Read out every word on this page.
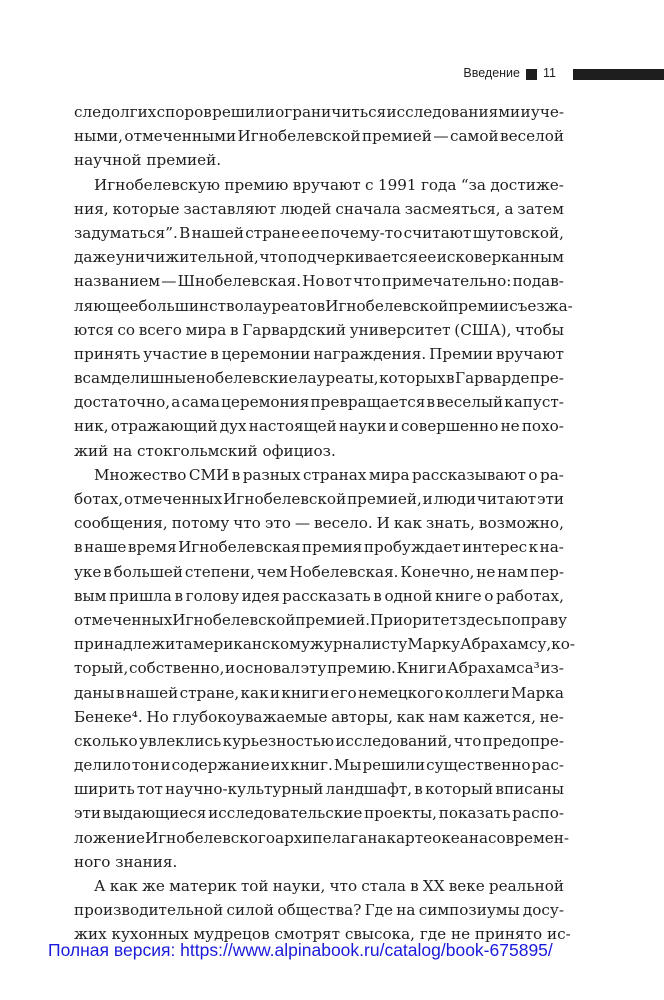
Введение 11
сле долгих споров решили ограничиться исследованиями и уче-
ными, отмеченными Игнобелевской премией — самой веселой
научной премией.
Игнобелевскую премию вручают с 1991 года “за достиже-
ния, которые заставляют людей сначала засмеяться, а затем
задуматься”. В нашей стране ее почему-то считают шутовской,
даже уничижительной, что подчеркивается ее исковерканным
названием — Шнобелевская. Но вот что примечательно: подав-
ляющее большинство лауреатов Игнобелевской премии съезжа-
ются со всего мира в Гарвардский университет (США), чтобы
принять участие в церемонии награждения. Премии вручают
всамделишные нобелевские лауреаты, которых в Гарварде пре-
достаточно, а сама церемония превращается в веселый капуст-
ник, отражающий дух настоящей науки и совершенно не похо-
жий на стокгольмский официоз.
Множество СМИ в разных странах мира рассказывают о ра-
ботах, отмеченных Игнобелевской премией, и люди читают эти
сообщения, потому что это — весело. И как знать, возможно,
в наше время Игнобелевская премия пробуждает интерес к на-
уке в большей степени, чем Нобелевская. Конечно, не нам пер-
вым пришла в голову идея рассказать в одной книге о работах,
отмеченных Игнобелевской премией. Приоритет здесь по праву
принадлежит американскому журналисту Марку Абрахамсу, ко-
торый, собственно, и основал эту премию. Книги Абрахамса³ из-
даны в нашей стране, как и книги его немецкого коллеги Марка
Бенеке⁴. Но глубокоуважаемые авторы, как нам кажется, не-
сколько увлеклись курьезностью исследований, что предопре-
делило тон и содержание их книг. Мы решили существенно рас-
ширить тот научно-культурный ландшафт, в который вписаны
эти выдающиеся исследовательские проекты, показать распо-
ложение Игнобелевского архипелага на карте океана современ-
ного знания.
А как же материк той науки, что стала в XX веке реальной
производительной силой общества? Где на симпозиумы досу-
жих кухонных мудрецов смотрят свысока, где не принято ис-
Полная версия: https://www.alpinabook.ru/catalog/book-675895/
